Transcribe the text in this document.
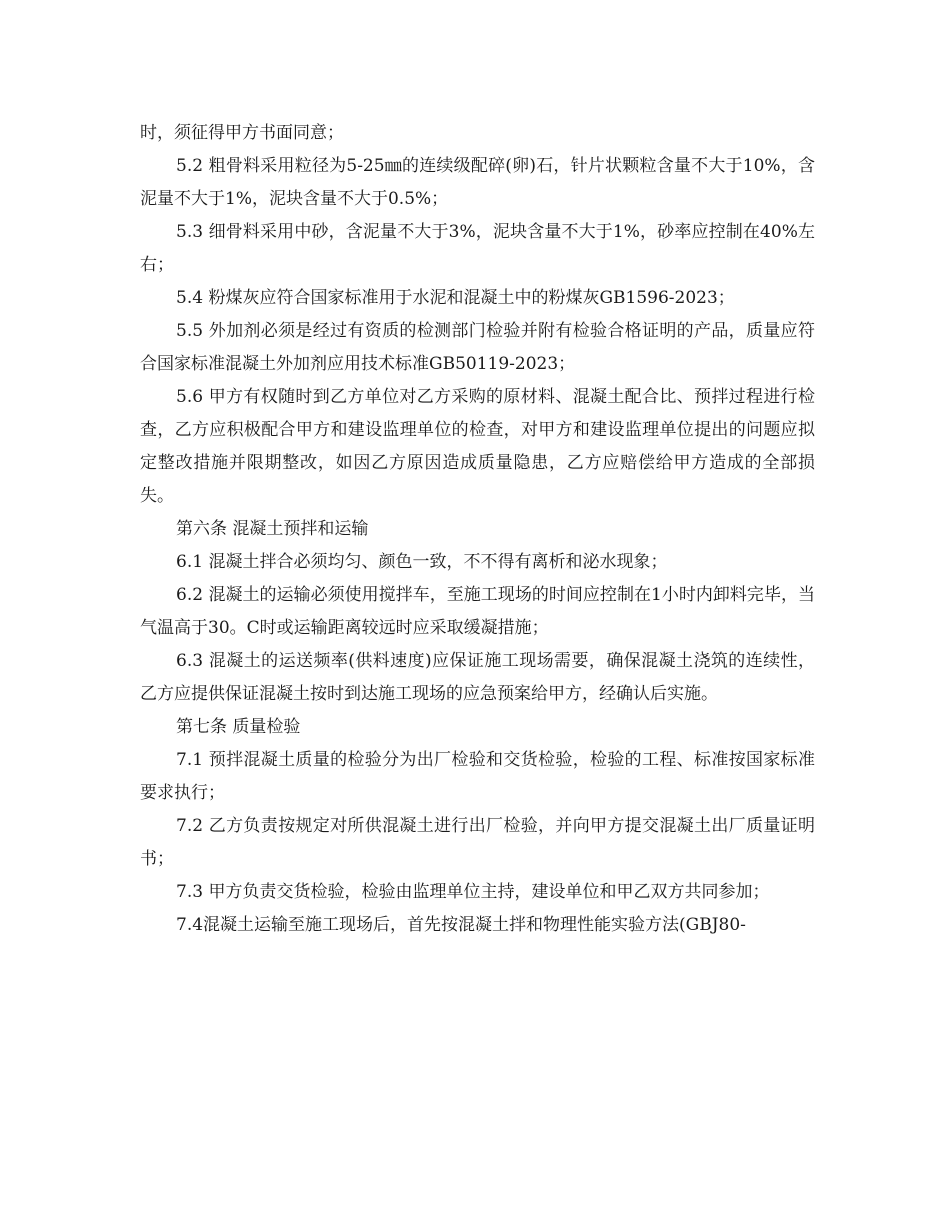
时，须征得甲方书面同意；

5.2 粗骨料采用粒径为5-25㎜的连续级配碎(卵)石，针片状颗粒含量不大于10%，含泥量不大于1%，泥块含量不大于0.5%；

5.3 细骨料采用中砂，含泥量不大于3%，泥块含量不大于1%，砂率应控制在40%左右；

5.4 粉煤灰应符合国家标准用于水泥和混凝土中的粉煤灰GB1596-2023；

5.5 外加剂必须是经过有资质的检测部门检验并附有检验合格证明的产品，质量应符合国家标准混凝土外加剂应用技术标准GB50119-2023；

5.6 甲方有权随时到乙方单位对乙方采购的原材料、混凝土配合比、预拌过程进行检查，乙方应积极配合甲方和建设监理单位的检查，对甲方和建设监理单位提出的问题应拟定整改措施并限期整改，如因乙方原因造成质量隐患，乙方应赔偿给甲方造成的全部损失。

第六条 混凝土预拌和运输

6.1 混凝土拌合必须均匀、颜色一致，不不得有离析和泌水现象；

6.2 混凝土的运输必须使用搅拌车，至施工现场的时间应控制在1小时内卸料完毕，当气温高于30。C时或运输距离较远时应采取缓凝措施；

6.3 混凝土的运送频率(供料速度)应保证施工现场需要，确保混凝土浇筑的连续性，乙方应提供保证混凝土按时到达施工现场的应急预案给甲方，经确认后实施。

第七条 质量检验

7.1 预拌混凝土质量的检验分为出厂检验和交货检验，检验的工程、标准按国家标准要求执行；

7.2 乙方负责按规定对所供混凝土进行出厂检验，并向甲方提交混凝土出厂质量证明书；

7.3 甲方负责交货检验，检验由监理单位主持，建设单位和甲乙双方共同参加；

7.4混凝土运输至施工现场后，首先按混凝土拌和物理性能实验方法(GBJ80-
